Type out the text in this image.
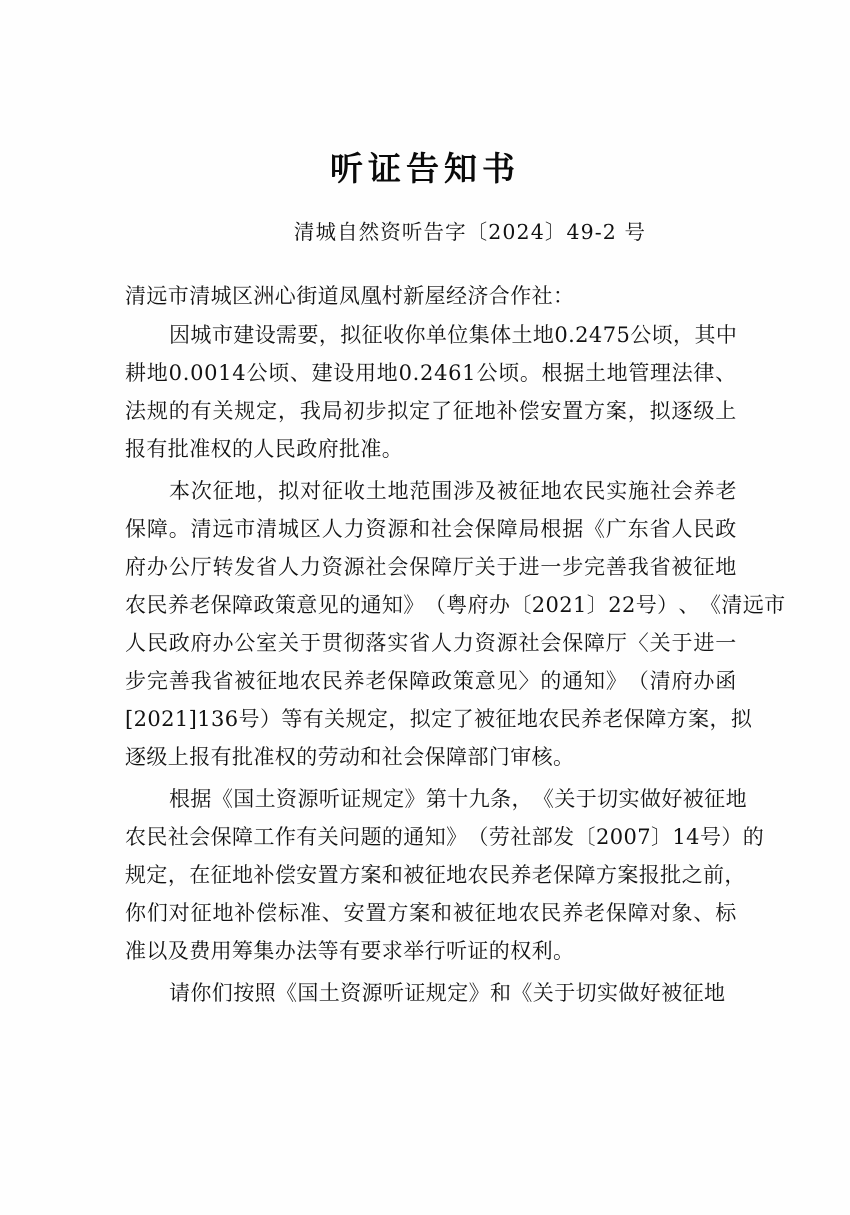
听证告知书
清城自然资听告字〔2024〕49-2 号
清远市清城区洲心街道凤凰村新屋经济合作社：
因 城 市 建 设 需 要 ， 拟 征 收 你 单 位 集 体 土 地 0 . 2 4 7 5 公 顷 ， 其 中
耕 地 0 . 0 0 1 4 公 顷 、 建 设 用 地 0 . 2 4 6 1 公 顷 。 根 据 土 地 管 理 法 律 、
法 规 的 有 关 规 定 ， 我 局 初 步 拟 定 了 征 地 补 偿 安 置 方 案 ， 拟 逐 级 上
报有批准权的人民政府批准。
本 次 征 地 ， 拟 对 征 收 土 地 范 围 涉 及 被 征 地 农 民 实 施 社 会 养 老
保 障 。 清 远 市 清 城 区 人 力 资 源 和 社 会 保 障 局 根 据 《 广 东 省 人 民 政
府 办 公 厅 转 发 省 人 力 资 源 社 会 保 障 厅 关 于 进 一 步 完 善 我 省 被 征 地
农 民 养 老 保 障 政 策 意 见 的 通 知 》 （ 粤 府 办 〔 2 0 2 1 〕 2 2 号 ） 、 《 清 远 市
人 民 政 府 办 公 室 关 于 贯 彻 落 实 省 人 力 资 源 社 会 保 障 厅 〈 关 于 进 一
步 完 善 我 省 被 征 地 农 民 养 老 保 障 政 策 意 见 〉 的 通 知 》 （ 清 府 办 函
[ 2 0 2 1 ] 1 3 6 号 ） 等 有 关 规 定 ， 拟 定 了 被 征 地 农 民 养 老 保 障 方 案 ， 拟
逐级上报有批准权的劳动和社会保障部门审核。
根 据 《 国 土 资 源 听 证 规 定 》 第 十 九 条 ， 《 关 于 切 实 做 好 被 征 地
农 民 社 会 保 障 工 作 有 关 问 题 的 通 知 》 （ 劳 社 部 发 〔 2 0 0 7 〕 1 4 号 ） 的
规 定 ， 在 征 地 补 偿 安 置 方 案 和 被 征 地 农 民 养 老 保 障 方 案 报 批 之 前 ，
你 们 对 征 地 补 偿 标 准 、 安 置 方 案 和 被 征 地 农 民 养 老 保 障 对 象 、 标
准以及费用筹集办法等有要求举行听证的权利。
请你们按照《国土资源听证规定》和《关于切实做好被征地
